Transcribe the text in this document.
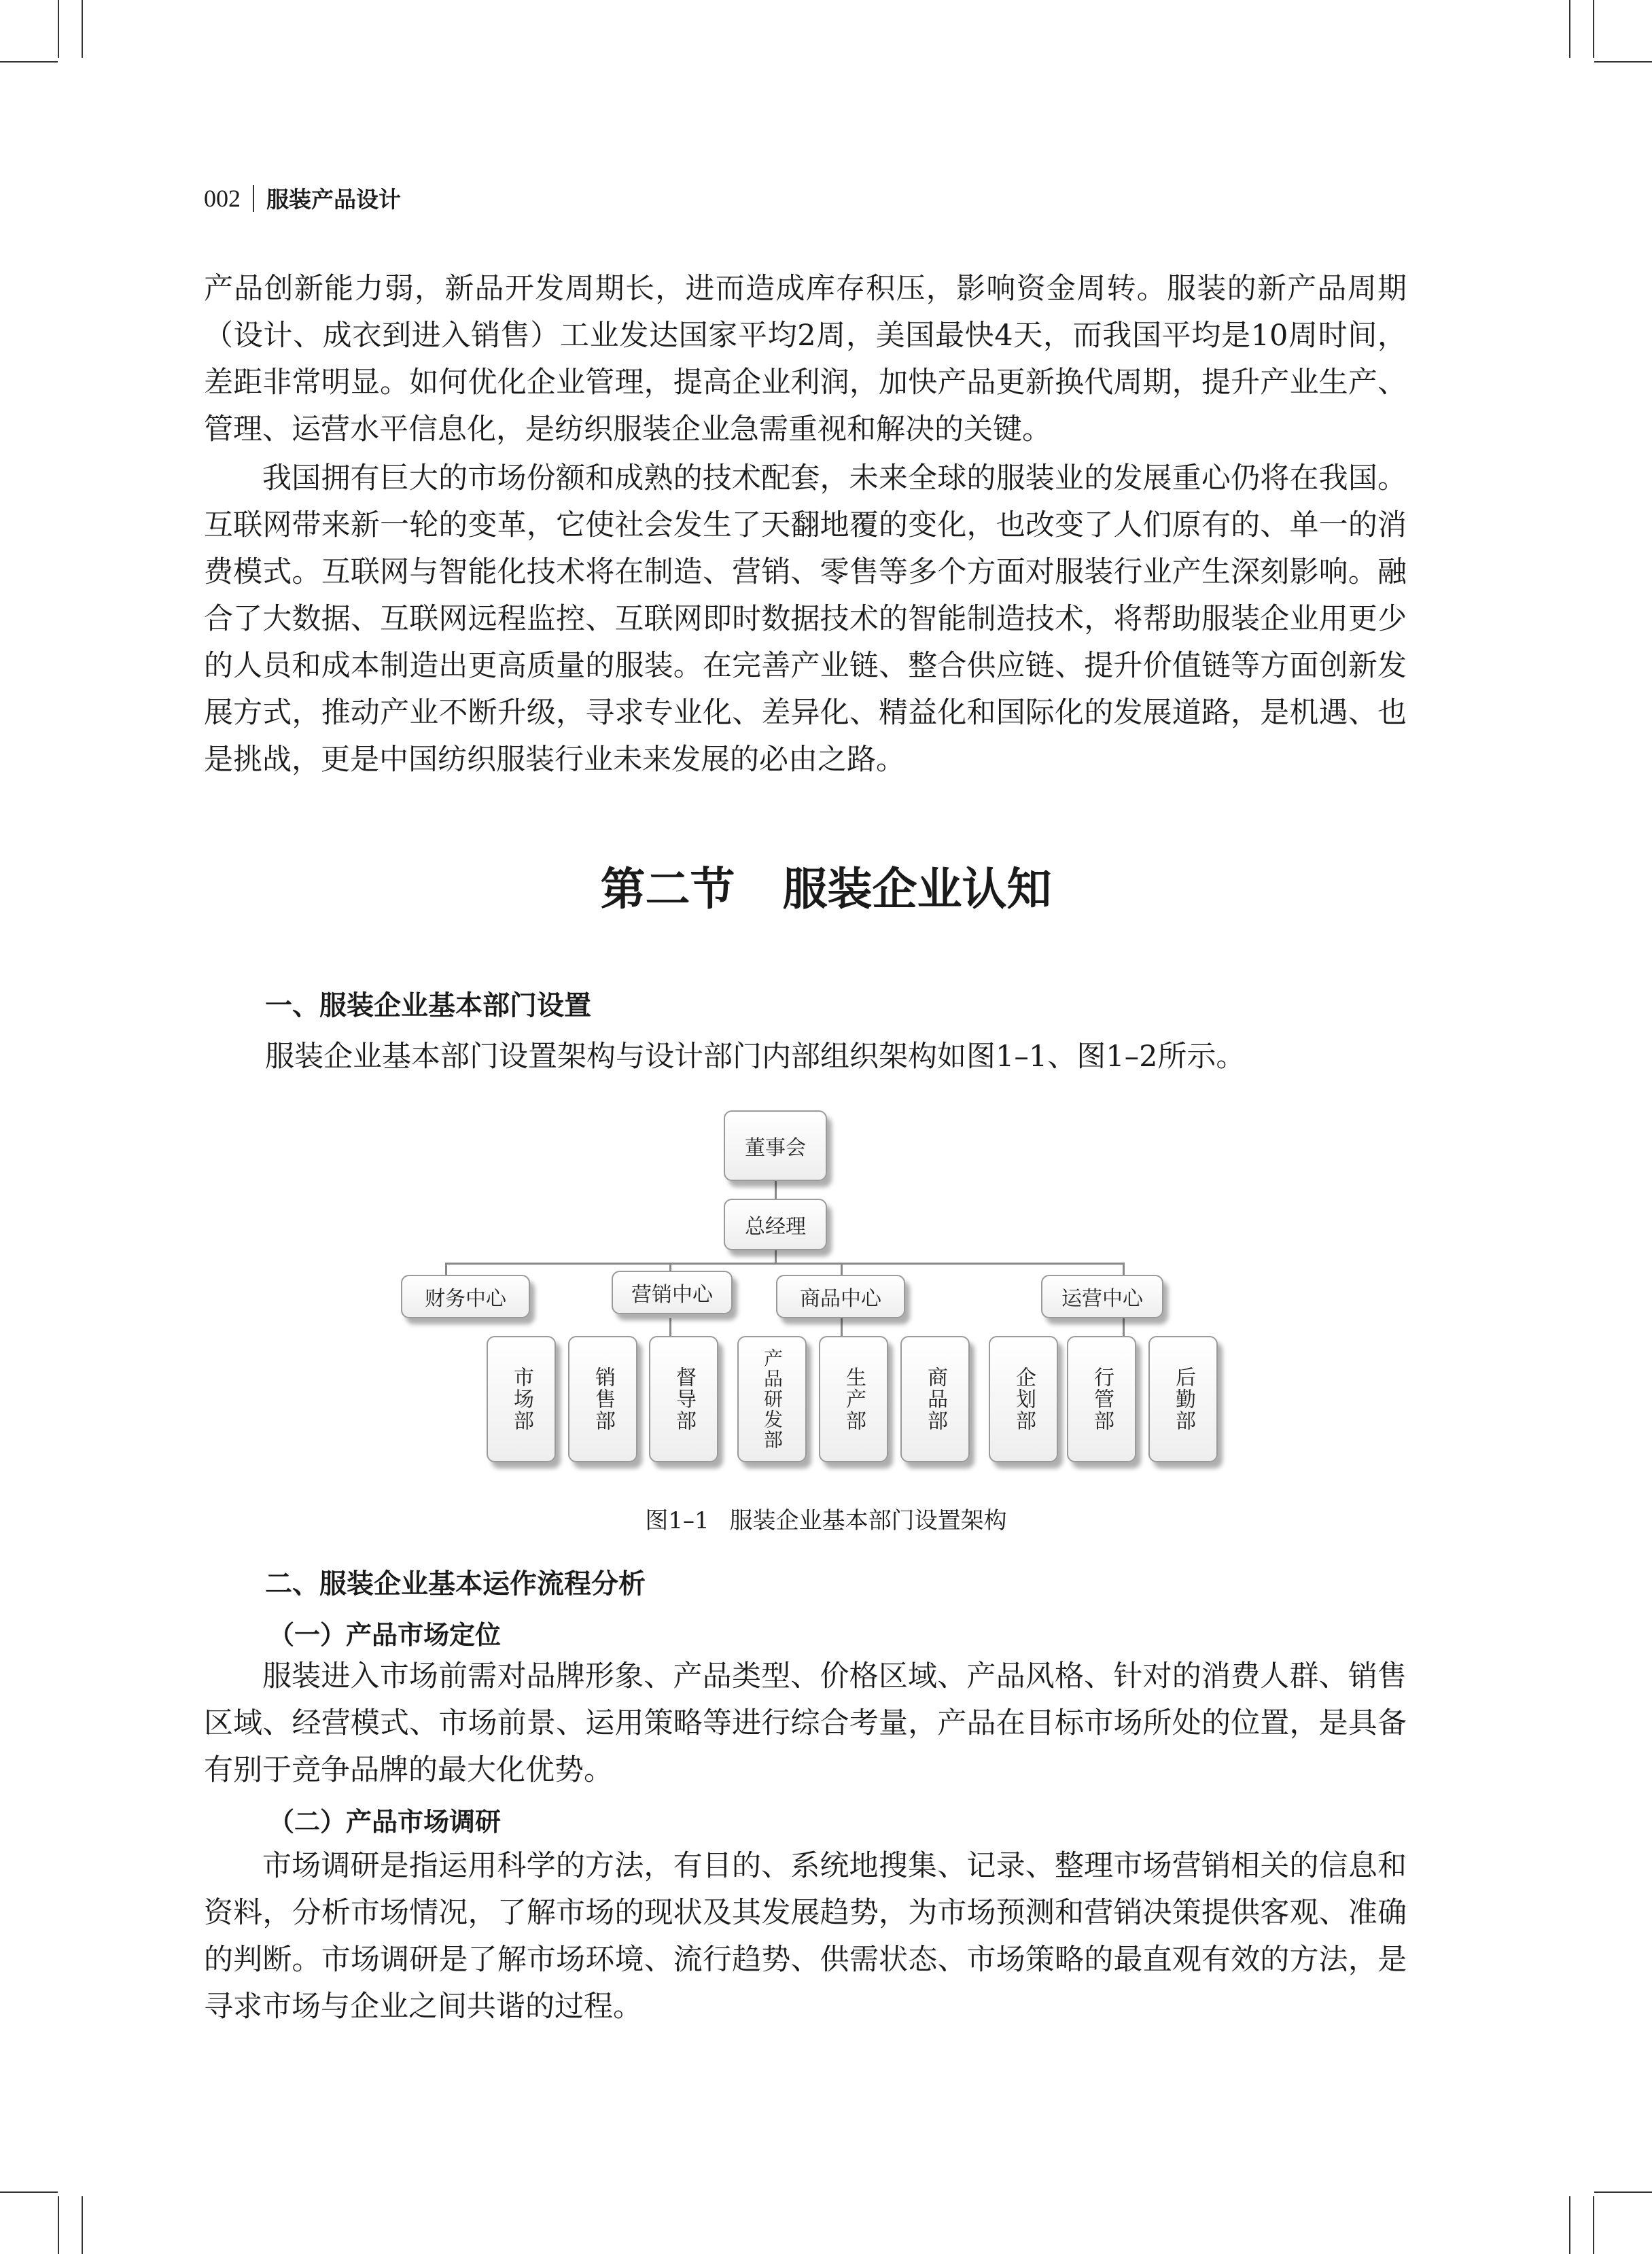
002 服装产品设计

产品创新能力弱，新品开发周期长，进而造成库存积压，影响资金周转。服装的新产品周期（设计、成衣到进入销售）工业发达国家平均2周，美国最快4天，而我国平均是10周时间，差距非常明显。如何优化企业管理，提高企业利润，加快产品更新换代周期，提升产业生产、管理、运营水平信息化，是纺织服装企业急需重视和解决的关键。

我国拥有巨大的市场份额和成熟的技术配套，未来全球的服装业的发展重心仍将在我国。互联网带来新一轮的变革，它使社会发生了天翻地覆的变化，也改变了人们原有的、单一的消费模式。互联网与智能化技术将在制造、营销、零售等多个方面对服装行业产生深刻影响。融合了大数据、互联网远程监控、互联网即时数据技术的智能制造技术，将帮助服装企业用更少的人员和成本制造出更高质量的服装。在完善产业链、整合供应链、提升价值链等方面创新发展方式，推动产业不断升级，寻求专业化、差异化、精益化和国际化的发展道路，是机遇、也是挑战，更是中国纺织服装行业未来发展的必由之路。

第二节 服装企业认知
一、服装企业基本部门设置

服装企业基本部门设置架构与设计部门内部组织架构如图1–1、图1–2所示。

董事会
总经理
财务中心	营销中心	商品中心	运营中心
市场部	销售部	督导部	产品研发部	生产部	商品部	企划部	行管部	后勤部
图1–1 服装企业基本部门设置架构
二、服装企业基本运作流程分析
（一）产品市场定位

服装进入市场前需对品牌形象、产品类型、价格区域、产品风格、针对的消费人群、销售区域、经营模式、市场前景、运用策略等进行综合考量，产品在目标市场所处的位置，是具备有别于竞争品牌的最大化优势。

（二）产品市场调研

市场调研是指运用科学的方法，有目的、系统地搜集、记录、整理市场营销相关的信息和资料，分析市场情况，了解市场的现状及其发展趋势，为市场预测和营销决策提供客观、准确的判断。市场调研是了解市场环境、流行趋势、供需状态、市场策略的最直观有效的方法，是寻求市场与企业之间共谐的过程。
